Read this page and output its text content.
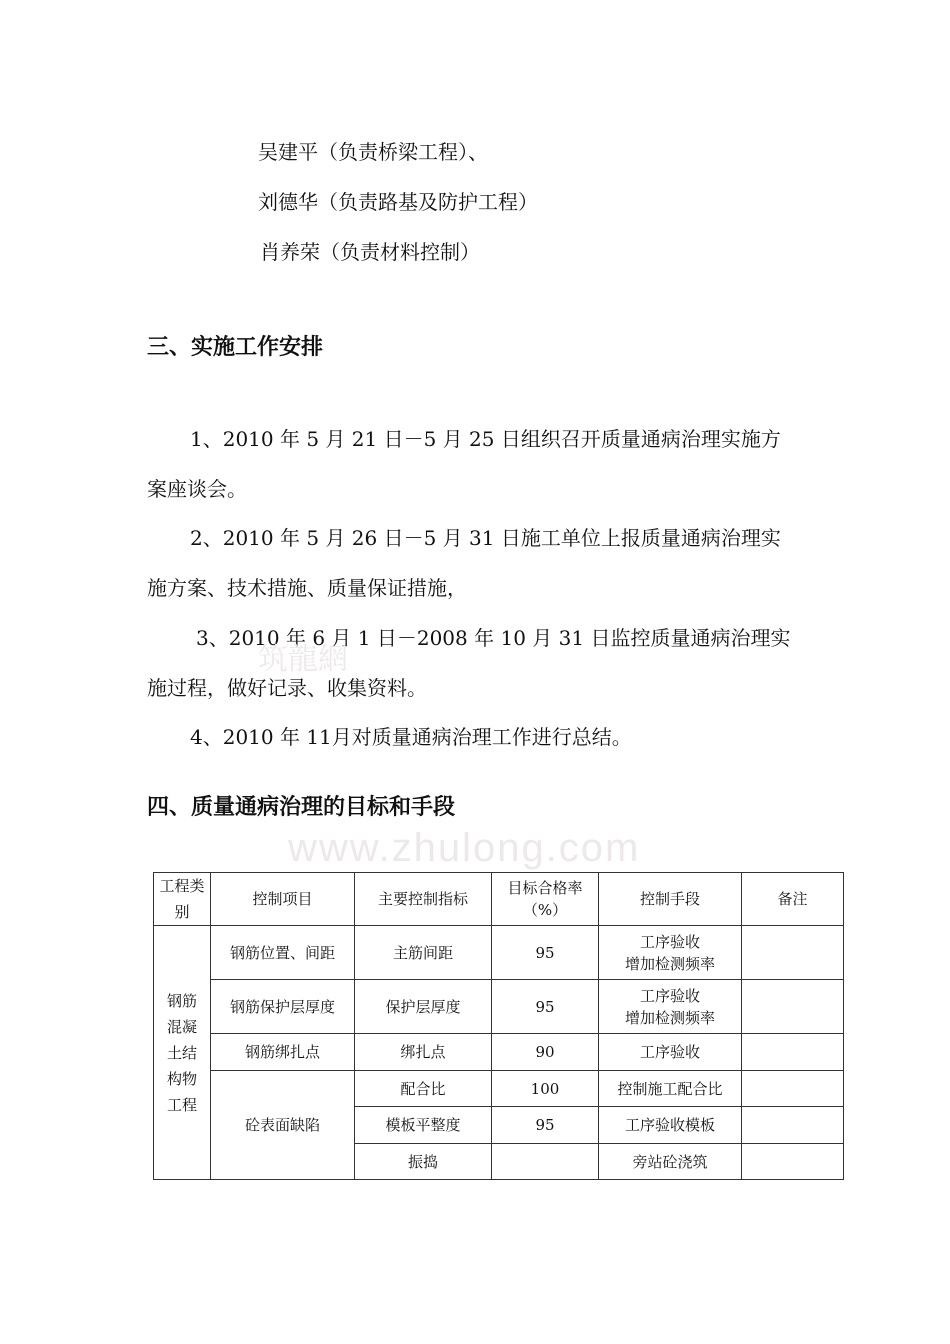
吴建平（负责桥梁工程）、
刘德华（负责路基及防护工程）
肖养荣（负责材料控制）
三、实施工作安排
1、2010 年 5 月 21 日－5 月 25 日组织召开质量通病治理实施方
案座谈会。
2、2010 年 5 月 26 日－5 月 31 日施工单位上报质量通病治理实
施方案、技术措施、质量保证措施，
3、2010 年 6 月 1 日－2008 年 10 月 31 日监控质量通病治理实
施过程，做好记录、收集资料。
4、2010 年 11月对质量通病治理工作进行总结。
四、质量通病治理的目标和手段
筑龍網
www.zhulong.com
工程类别	控制项目	主要控制指标	目标合格率
（%）	控制手段	备注

钢筋混凝土结构物工程	钢筋位置、间距	主筋间距	95	工序验收
增加检测频率	

	钢筋保护层厚度	保护层厚度	95	工序验收
增加检测频率	

	钢筋绑扎点	绑扎点	90	工序验收	
	砼表面缺陷	配合比	100	控制施工配合比	
		模板平整度	95	工序验收模板	
		振捣		旁站砼浇筑	
